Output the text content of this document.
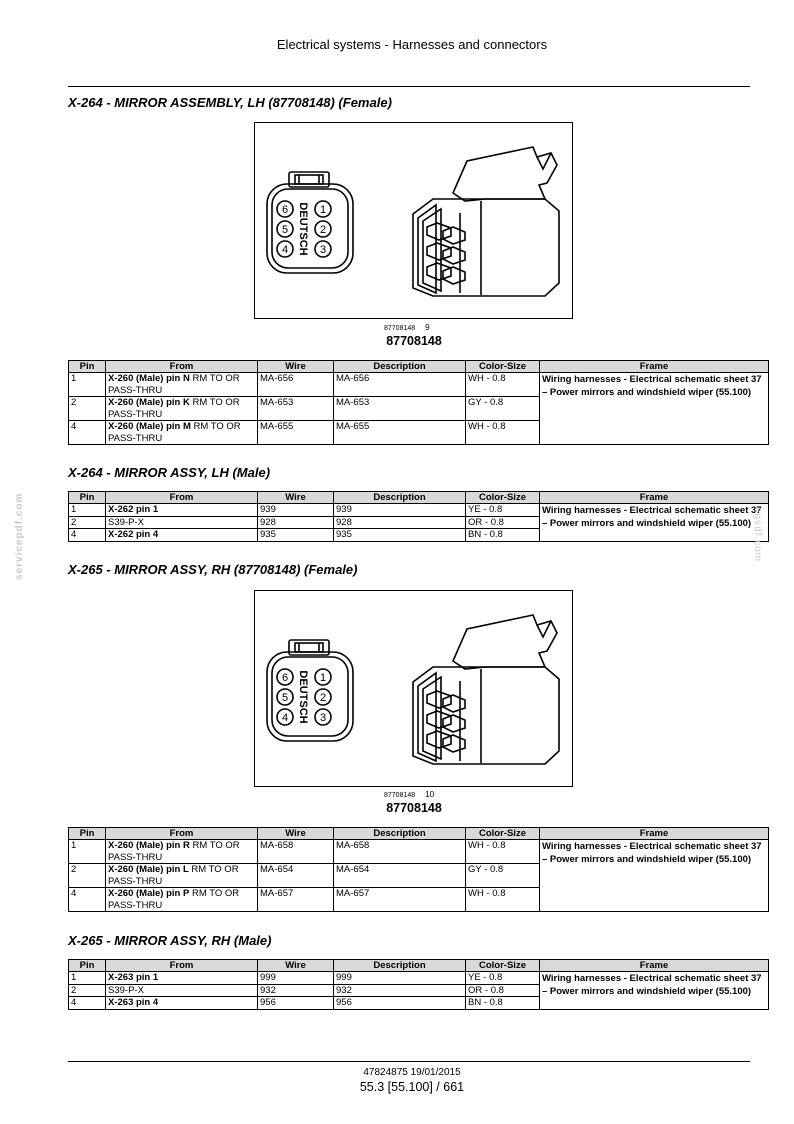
Electrical systems - Harnesses and connectors
X-264 - MIRROR ASSEMBLY, LH (87708148) (Female)
6	1
5	2
4	3
DEUTSCH
87708148 9
87708148
Pin	From	Wire	Description	Color-Size	Frame
1	X-260 (Male) pin N RM TO OR PASS-THRU	MA-656	MA-656	WH - 0.8	Wiring harnesses - Electrical schematic sheet 37 – Power mirrors and windshield wiper (55.100)
2	X-260 (Male) pin K RM TO OR PASS-THRU	MA-653	MA-653	GY - 0.8	
4	X-260 (Male) pin M RM TO OR PASS-THRU	MA-655	MA-655	WH - 0.8	
X-264 - MIRROR ASSY, LH (Male)
Pin	From	Wire	Description	Color-Size	Frame
1	X-262 pin 1	939	939	YE - 0.8	Wiring harnesses - Electrical schematic sheet 37 – Power mirrors and windshield wiper (55.100)
2	S39-P-X	928	928	OR - 0.8	
4	X-262 pin 4	935	935	BN - 0.8	
X-265 - MIRROR ASSY, RH (87708148) (Female)
6	1
5	2
4	3
DEUTSCH
87708148 10
87708148
Pin	From	Wire	Description	Color-Size	Frame
1	X-260 (Male) pin R RM TO OR PASS-THRU	MA-658	MA-658	WH - 0.8	Wiring harnesses - Electrical schematic sheet 37 – Power mirrors and windshield wiper (55.100)
2	X-260 (Male) pin L RM TO OR PASS-THRU	MA-654	MA-654	GY - 0.8	
4	X-260 (Male) pin P RM TO OR PASS-THRU	MA-657	MA-657	WH - 0.8	
X-265 - MIRROR ASSY, RH (Male)
Pin	From	Wire	Description	Color-Size	Frame
1	X-263 pin 1	999	999	YE - 0.8	Wiring harnesses - Electrical schematic sheet 37 – Power mirrors and windshield wiper (55.100)
2	S39-P-X	932	932	OR - 0.8	
4	X-263 pin 4	956	956	BN - 0.8	
47824875 19/01/2015
55.3 [55.100] / 661
servicepdf.com	ogsdf.com
